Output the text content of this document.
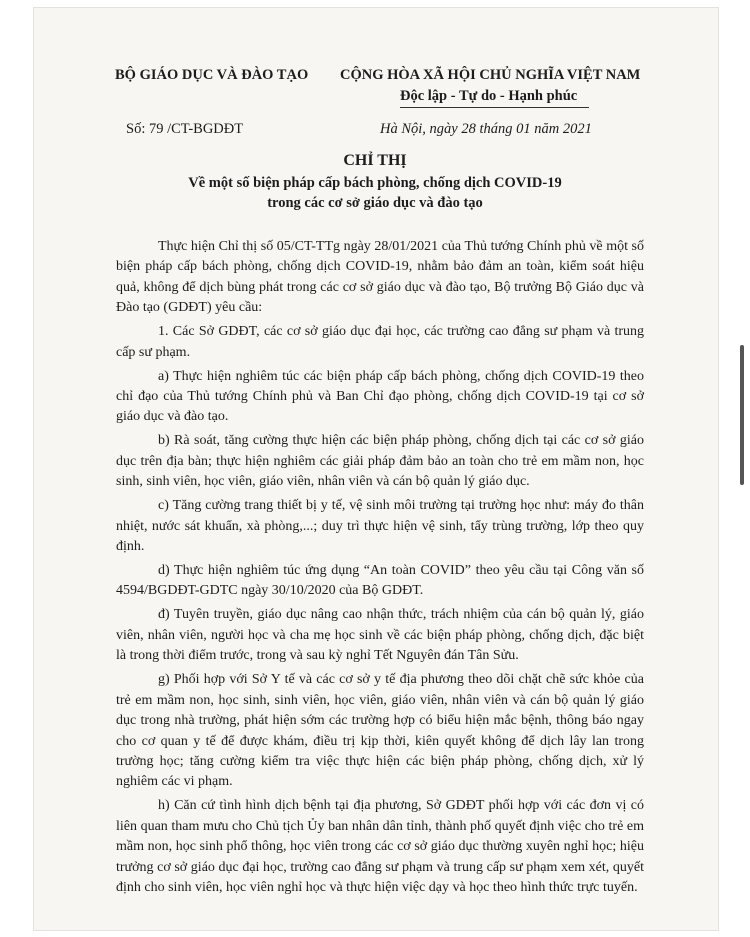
BỘ GIÁO DỤC VÀ ĐÀO TẠO CỘNG HÒA XÃ HỘI CHỦ NGHĨA VIỆT NAM
Độc lập - Tự do - Hạnh phúc
Số: 79 /CT-BGDĐT	Hà Nội, ngày 28 tháng 01 năm 2021
CHỈ THỊ
Về một số biện pháp cấp bách phòng, chống dịch COVID-19
trong các cơ sở giáo dục và đào tạo

Thực hiện Chỉ thị số 05/CT-TTg ngày 28/01/2021 của Thủ tướng Chính phủ về một số biện pháp cấp bách phòng, chống dịch COVID-19, nhằm bảo đảm an toàn, kiểm soát hiệu quả, không để dịch bùng phát trong các cơ sở giáo dục và đào tạo, Bộ trưởng Bộ Giáo dục và Đào tạo (GDĐT) yêu cầu:

1. Các Sở GDĐT, các cơ sở giáo dục đại học, các trường cao đẳng sư phạm và trung cấp sư phạm.

a) Thực hiện nghiêm túc các biện pháp cấp bách phòng, chống dịch COVID-19 theo chỉ đạo của Thủ tướng Chính phủ và Ban Chỉ đạo phòng, chống dịch COVID-19 tại cơ sở giáo dục và đào tạo.

b) Rà soát, tăng cường thực hiện các biện pháp phòng, chống dịch tại các cơ sở giáo dục trên địa bàn; thực hiện nghiêm các giải pháp đảm bảo an toàn cho trẻ em mầm non, học sinh, sinh viên, học viên, giáo viên, nhân viên và cán bộ quản lý giáo dục.

c) Tăng cường trang thiết bị y tế, vệ sinh môi trường tại trường học như: máy đo thân nhiệt, nước sát khuẩn, xà phòng,...; duy trì thực hiện vệ sinh, tẩy trùng trường, lớp theo quy định.

d) Thực hiện nghiêm túc ứng dụng “An toàn COVID” theo yêu cầu tại Công văn số 4594/BGDĐT-GDTC ngày 30/10/2020 của Bộ GDĐT.

đ) Tuyên truyền, giáo dục nâng cao nhận thức, trách nhiệm của cán bộ quản lý, giáo viên, nhân viên, người học và cha mẹ học sinh về các biện pháp phòng, chống dịch, đặc biệt là trong thời điểm trước, trong và sau kỳ nghỉ Tết Nguyên đán Tân Sửu.

g) Phối hợp với Sở Y tế và các cơ sở y tế địa phương theo dõi chặt chẽ sức khỏe của trẻ em mầm non, học sinh, sinh viên, học viên, giáo viên, nhân viên và cán bộ quản lý giáo dục trong nhà trường, phát hiện sớm các trường hợp có biểu hiện mắc bệnh, thông báo ngay cho cơ quan y tế để được khám, điều trị kịp thời, kiên quyết không để dịch lây lan trong trường học; tăng cường kiểm tra việc thực hiện các biện pháp phòng, chống dịch, xử lý nghiêm các vi phạm.

h) Căn cứ tình hình dịch bệnh tại địa phương, Sở GDĐT phối hợp với các đơn vị có liên quan tham mưu cho Chủ tịch Ủy ban nhân dân tỉnh, thành phố quyết định việc cho trẻ em mầm non, học sinh phổ thông, học viên trong các cơ sở giáo dục thường xuyên nghỉ học; hiệu trưởng cơ sở giáo dục đại học, trường cao đẳng sư phạm và trung cấp sư phạm xem xét, quyết định cho sinh viên, học viên nghỉ học và thực hiện việc dạy và học theo hình thức trực tuyến.
